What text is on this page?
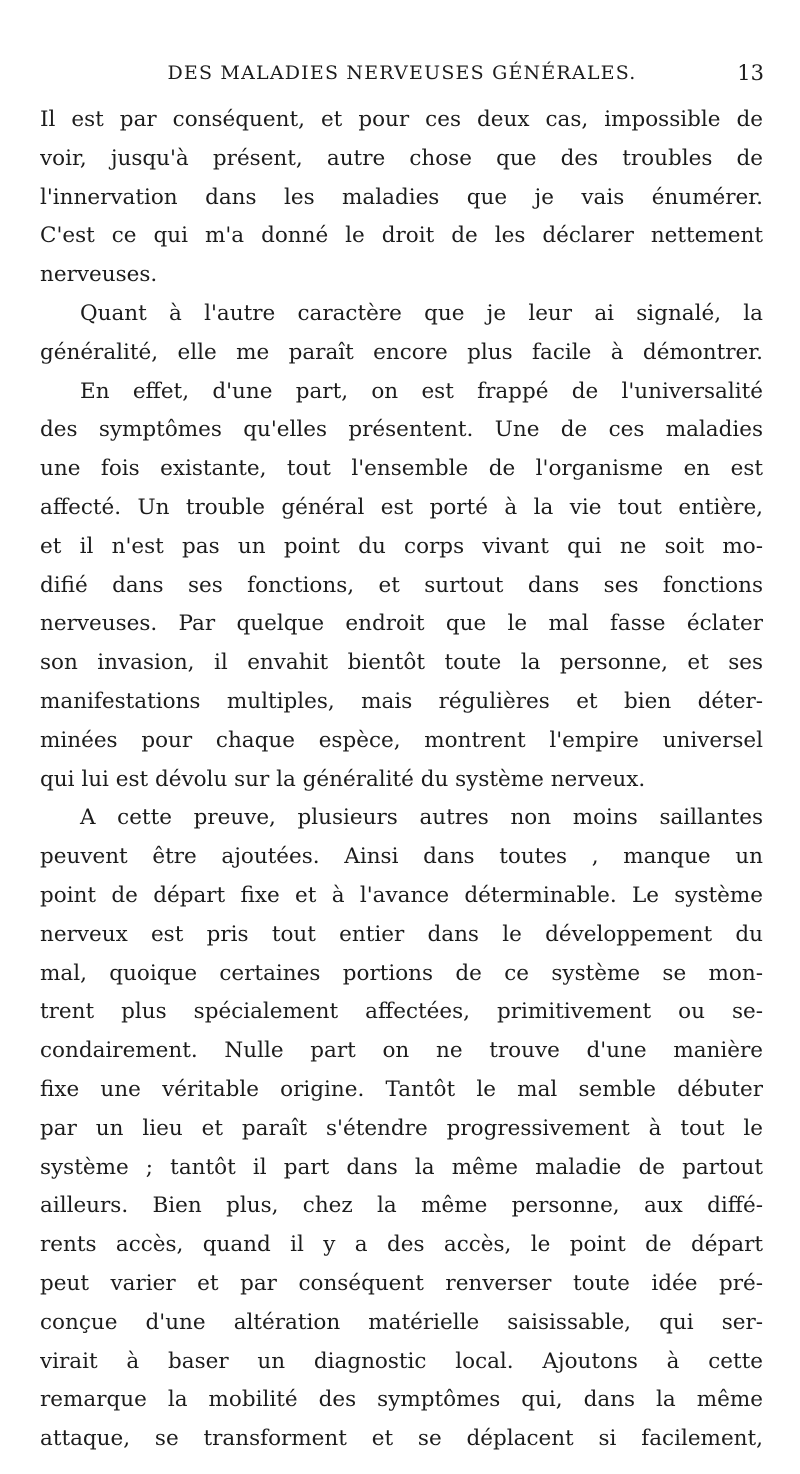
DES MALADIES NERVEUSES GÉNÉRALES.	13
Il est par conséquent, et pour ces deux cas, impossible de
voir, jusqu'à présent, autre chose que des troubles de
l'innervation dans les maladies que je vais énumérer.
C'est ce qui m'a donné le droit de les déclarer nettement
nerveuses.
Quant à l'autre caractère que je leur ai signalé, la
généralité, elle me paraît encore plus facile à démontrer.
En effet, d'une part, on est frappé de l'universalité
des symptômes qu'elles présentent. Une de ces maladies
une fois existante, tout l'ensemble de l'organisme en est
affecté. Un trouble général est porté à la vie tout entière,
et il n'est pas un point du corps vivant qui ne soit mo-
difié dans ses fonctions, et surtout dans ses fonctions
nerveuses. Par quelque endroit que le mal fasse éclater
son invasion, il envahit bientôt toute la personne, et ses
manifestations multiples, mais régulières et bien déter-
minées pour chaque espèce, montrent l'empire universel
qui lui est dévolu sur la généralité du système nerveux.
A cette preuve, plusieurs autres non moins saillantes
peuvent être ajoutées. Ainsi dans toutes , manque un
point de départ fixe et à l'avance déterminable. Le système
nerveux est pris tout entier dans le développement du
mal, quoique certaines portions de ce système se mon-
trent plus spécialement affectées, primitivement ou se-
condairement. Nulle part on ne trouve d'une manière
fixe une véritable origine. Tantôt le mal semble débuter
par un lieu et paraît s'étendre progressivement à tout le
système ; tantôt il part dans la même maladie de partout
ailleurs. Bien plus, chez la même personne, aux diffé-
rents accès, quand il y a des accès, le point de départ
peut varier et par conséquent renverser toute idée pré-
conçue d'une altération matérielle saisissable, qui ser-
virait à baser un diagnostic local. Ajoutons à cette
remarque la mobilité des symptômes qui, dans la même
attaque, se transforment et se déplacent si facilement,
